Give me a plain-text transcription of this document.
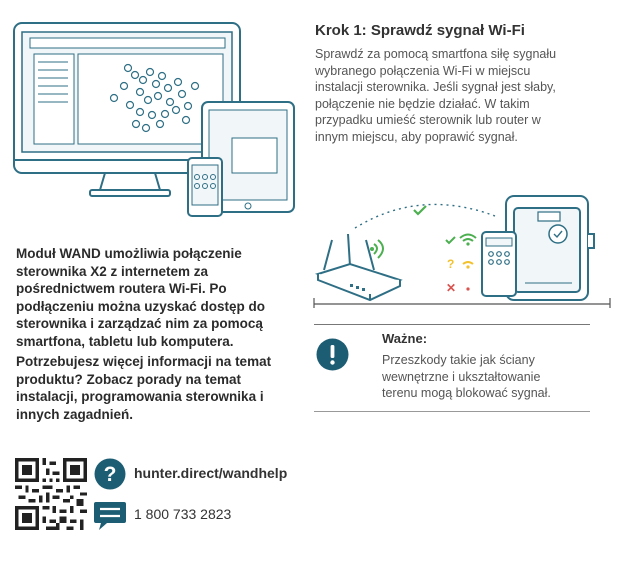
Moduł WAND umożliwia połączenie
sterownika X2 z internetem za
pośrednictwem routera Wi-Fi. Po
podłączeniu można uzyskać dostęp do
sterownika i zarządzać nim za pomocą
smartfona, tabletu lub komputera.
Potrzebujesz więcej informacji na temat
produktu? Zobacz porady na temat
instalacji, programowania sterownika i
innych zagadnień.
? hunter.direct/wandhelp
1 800 733 2823
Krok 1: Sprawdź sygnał Wi-Fi
Sprawdź za pomocą smartfona siłę sygnału
wybranego połączenia Wi-Fi w miejscu
instalacji sterownika. Jeśli sygnał jest słaby,
połączenie nie będzie działać. W takim
przypadku umieść sterownik lub router w
innym miejscu, aby poprawić sygnał.
?
✕
Ważne:
Przeszkody takie jak ściany
wewnętrzne i ukształtowanie
terenu mogą blokować sygnał.
